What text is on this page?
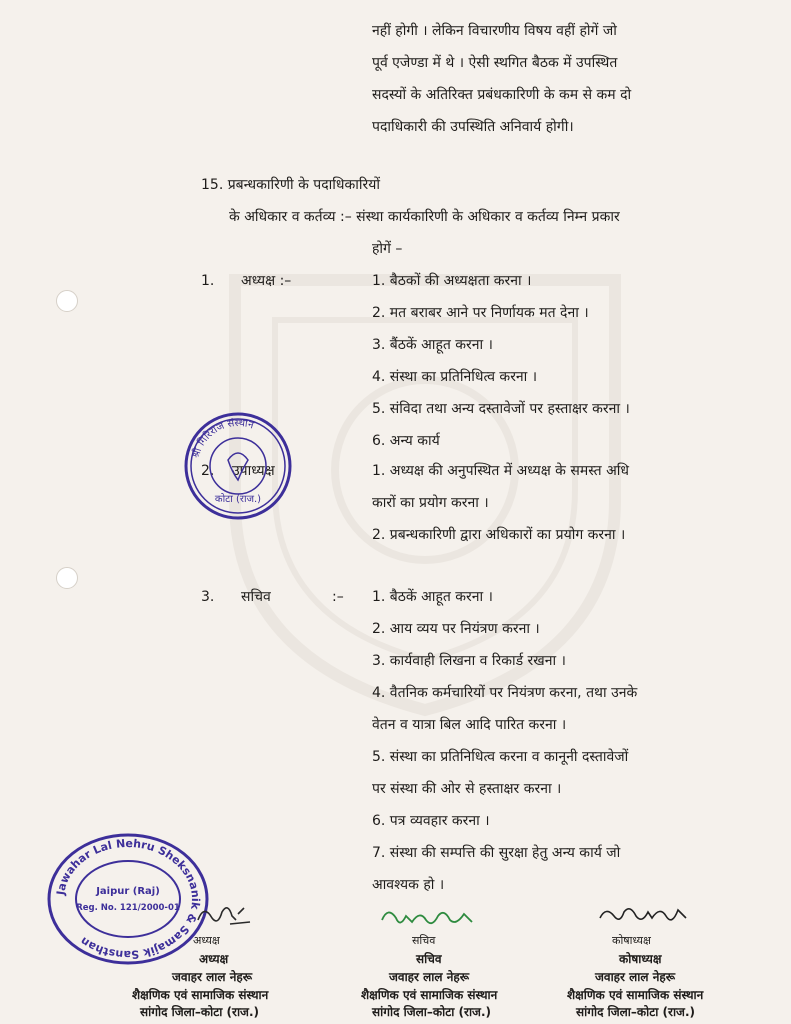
नहीं होगी । लेकिन विचारणीय विषय वहीं होगें जो
पूर्व एजेण्डा में थे । ऐसी स्थगित बैठक में उपस्थित
सदस्यों के अतिरिक्त प्रबंधकारिणी के कम से कम दो
पदाधिकारी की उपस्थिति अनिवार्य होगी।
15. प्रबन्धकारिणी के पदाधिकारियों
के अधिकार व कर्तव्य :– संस्था कार्यकारिणी के अधिकार व कर्तव्य निम्न प्रकार
होगें –
1. अध्यक्ष :–	1. बैठकों की अध्यक्षता करना ।
2. मत बराबर आने पर निर्णायक मत देना ।
3. बैंठकें आहूत करना ।
4. संस्था का प्रतिनिधित्व करना ।
5. संविदा तथा अन्य दस्तावेजों पर हस्ताक्षर करना ।
6. अन्य कार्य
2. उपाध्यक्ष	1. अध्यक्ष की अनुपस्थित में अध्यक्ष के समस्त अधि
कारों का प्रयोग करना ।
2. प्रबन्धकारिणी द्वारा अधिकारों का प्रयोग करना ।
श्री गिरिराज संस्थान
कोटा (राज.)
3. सचिव	:– 1. बैठकें आहूत करना ।
2. आय व्यय पर नियंत्रण करना ।
3. कार्यवाही लिखना व रिकार्ड रखना ।
4. वैतनिक कर्मचारियों पर नियंत्रण करना, तथा उनके
वेतन व यात्रा बिल आदि पारित करना ।
5. संस्था का प्रतिनिधित्व करना व कानूनी दस्तावेजों
पर संस्था की ओर से हस्ताक्षर करना ।
6. पत्र व्यवहार करना ।
7. संस्था की सम्पत्ति की सुरक्षा हेतु अन्य कार्य जो
आवश्यक हो ।
Jawahar Lal Nehru Sheksnanik & Samajik Sansthan
Jaipur (Raj)
Reg. No. 121/2000-01
अध्यक्ष
अध्यक्ष
जवाहर लाल नेहरू
शैक्षणिक एवं सामाजिक संस्थान
सांगोद जिला–कोटा (राज.)
सचिव
सचिव
जवाहर लाल नेहरू
शैक्षणिक एवं सामाजिक संस्थान
सांगोद जिला–कोटा (राज.)
कोषाध्यक्ष
कोषाध्यक्ष
जवाहर लाल नेहरू
शैक्षणिक एवं सामाजिक संस्थान
सांगोद जिला–कोटा (राज.)
